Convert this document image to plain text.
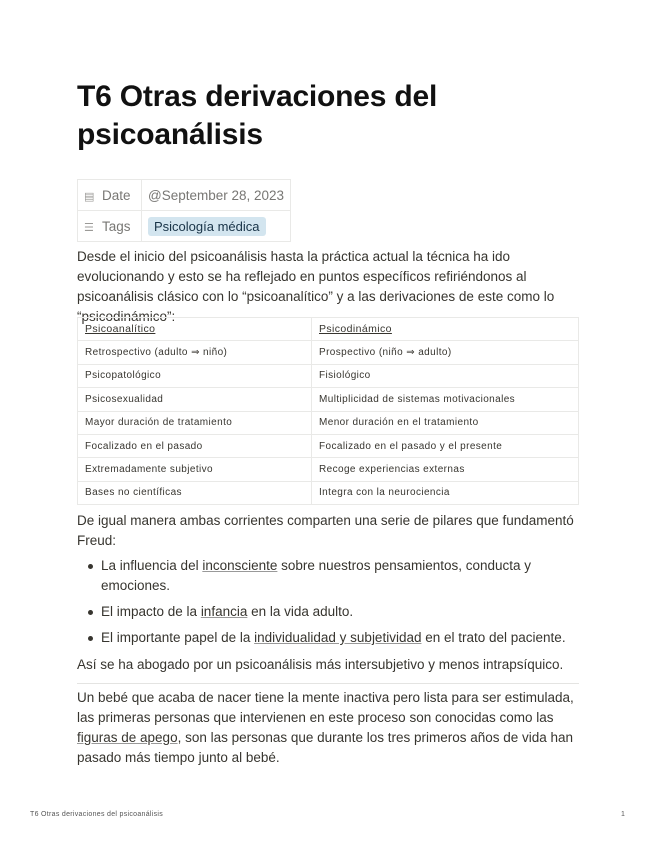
T6 Otras derivaciones del psicoanálisis
▤ Date	@September 28, 2023
☰ Tags	Psicología médica

Desde el inicio del psicoanálisis hasta la práctica actual la técnica ha ido evolucionando y esto se ha reflejado en puntos específicos refiriéndonos al psicoanálisis clásico con lo “psicoanalítico” y a las derivaciones de este como lo “psicodinámico”:

Psicoanalítico	Psicodinámico
Retrospectivo (adulto ⇒ niño)	Prospectivo (niño ⇒ adulto)
Psicopatológico	Fisiológico
Psicosexualidad	Multiplicidad de sistemas motivacionales
Mayor duración de tratamiento	Menor duración en el tratamiento
Focalizado en el pasado	Focalizado en el pasado y el presente
Extremadamente subjetivo	Recoge experiencias externas
Bases no científicas	Integra con la neurociencia

De igual manera ambas corrientes comparten una serie de pilares que fundamentó Freud:

La influencia del inconsciente sobre nuestros pensamientos, conducta y emociones.
El impacto de la infancia en la vida adulto.
El importante papel de la individualidad y subjetividad en el trato del paciente.

Así se ha abogado por un psicoanálisis más intersubjetivo y menos intrapsíquico.

Un bebé que acaba de nacer tiene la mente inactiva pero lista para ser estimulada, las primeras personas que intervienen en este proceso son conocidas como las figuras de apego, son las personas que durante los tres primeros años de vida han pasado más tiempo junto al bebé.

T6 Otras derivaciones del psicoanálisis	1
